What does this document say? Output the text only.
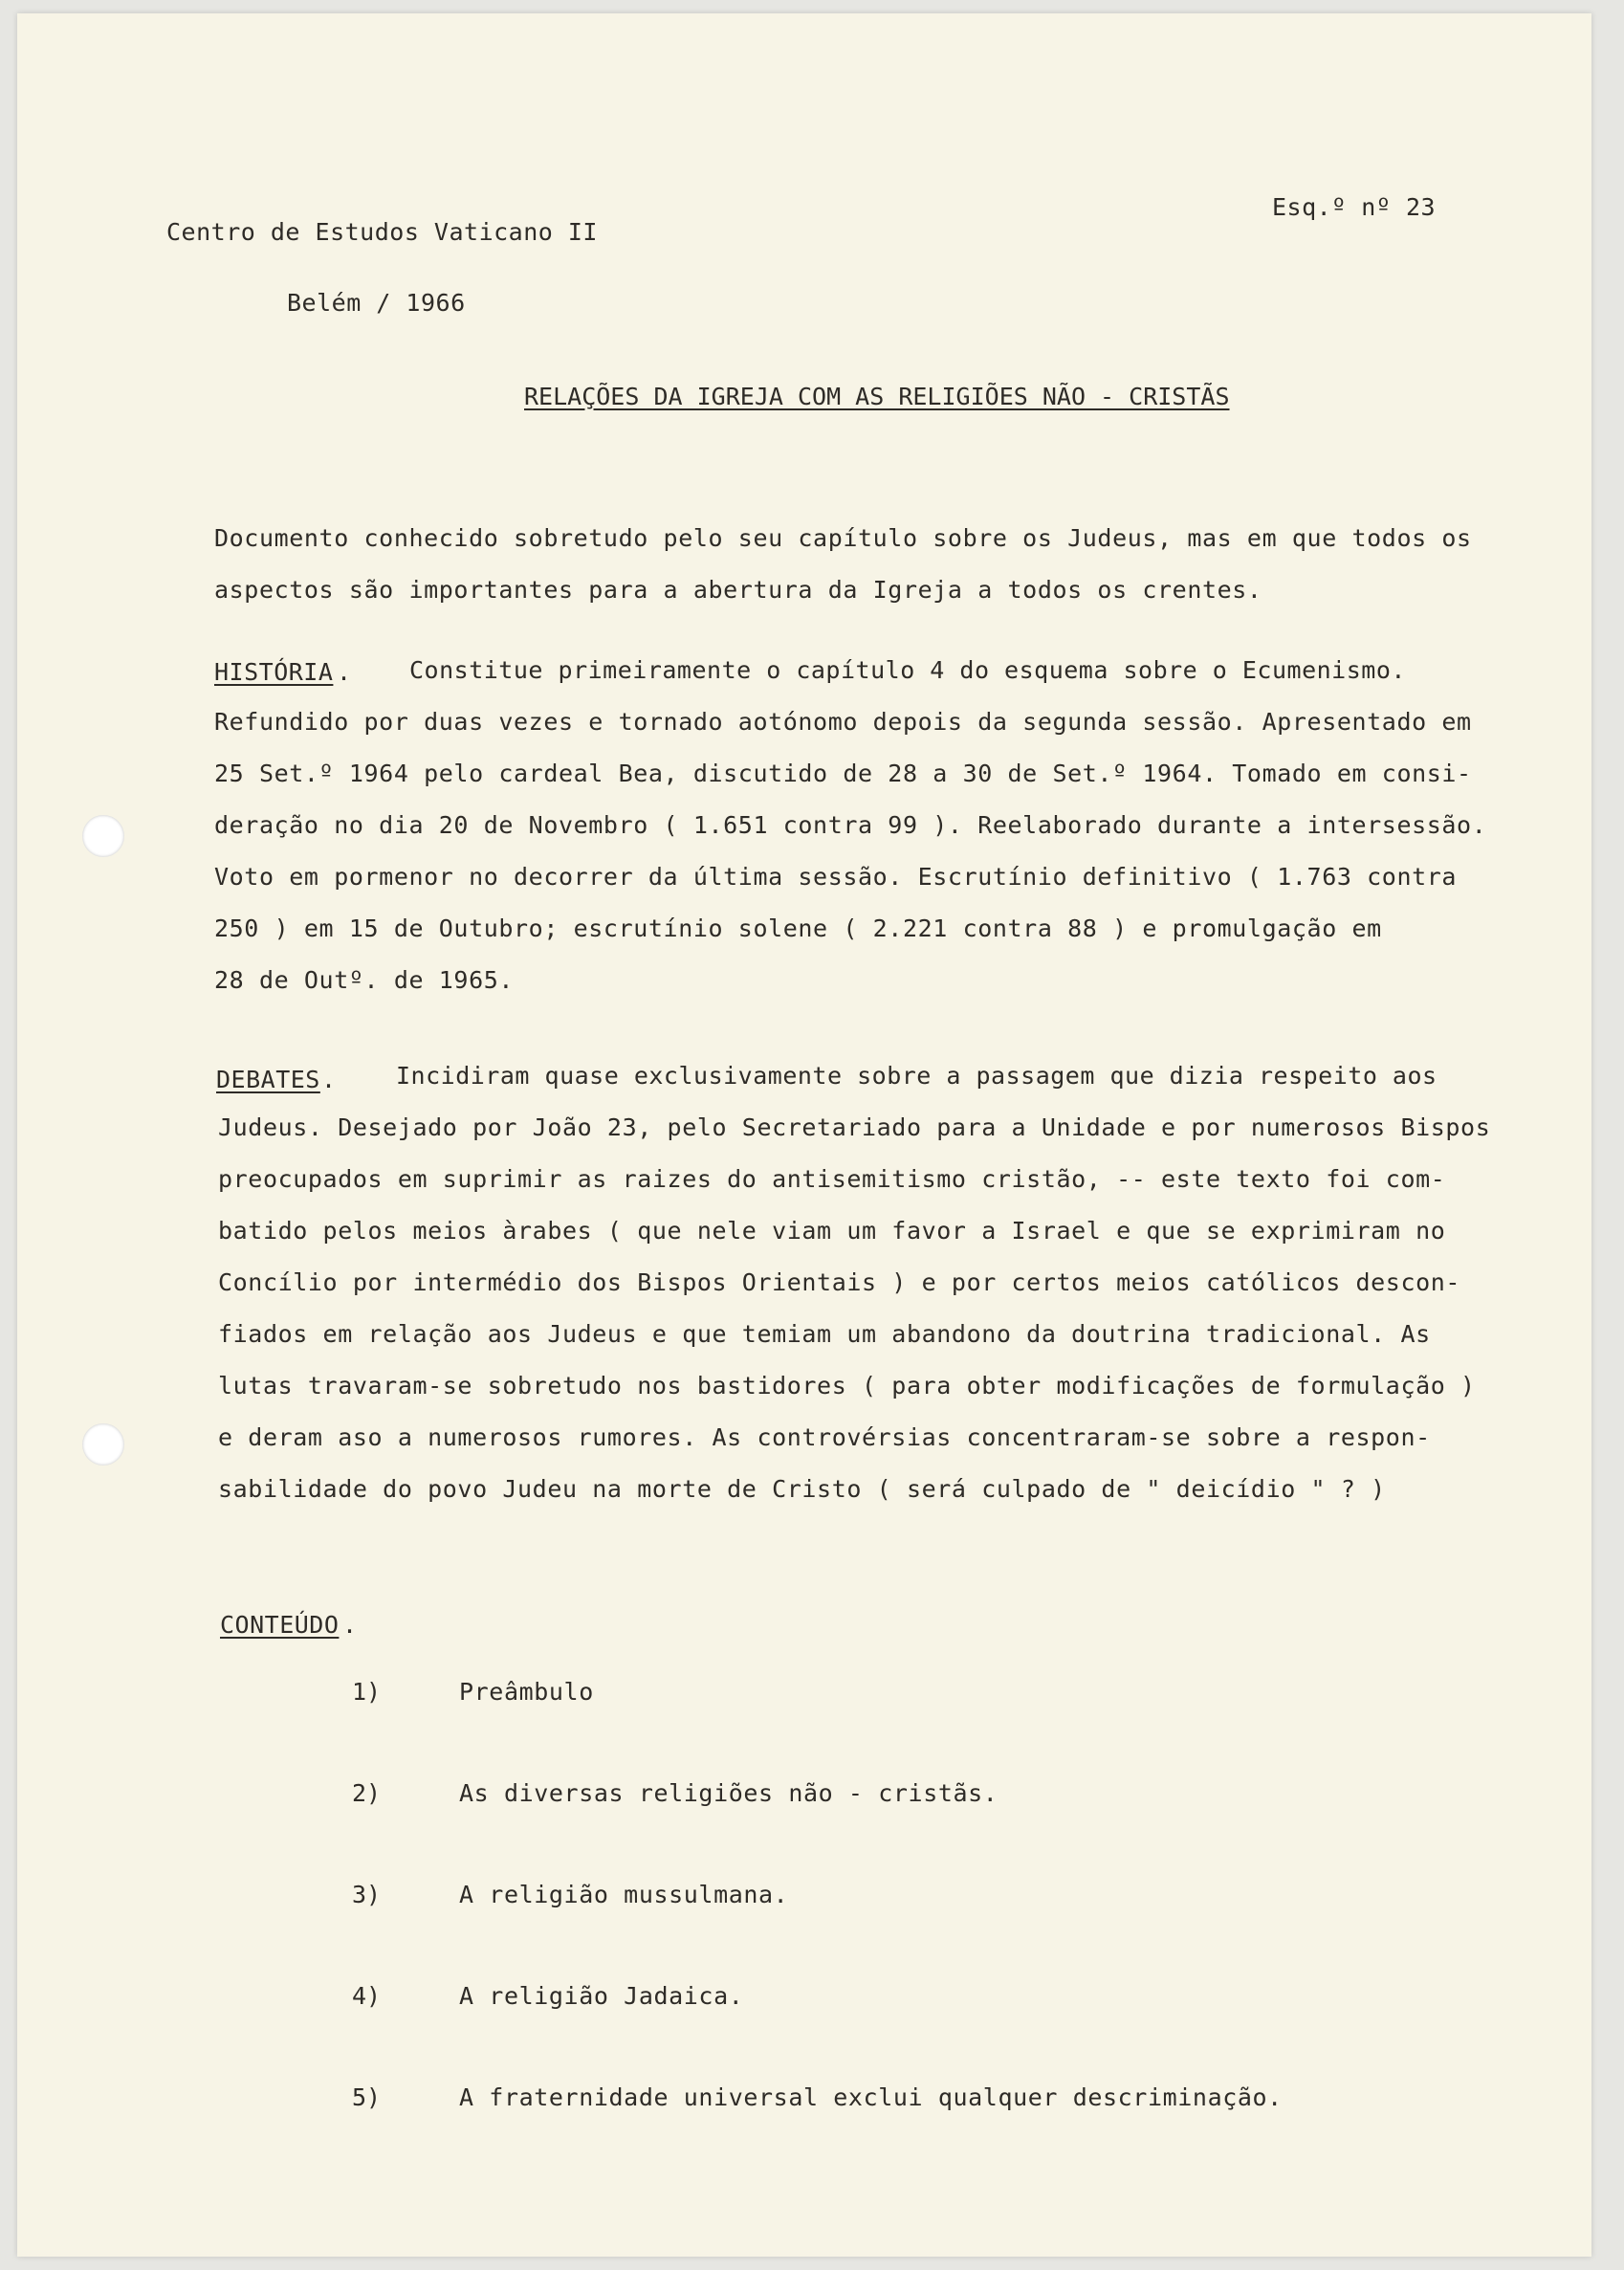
Centro de Estudos Vaticano II
Esq.º nº 23
Belém / 1966
RELAÇÕES DA IGREJA COM AS RELIGIÕES NÃO - CRISTÃS
Documento conhecido sobretudo pelo seu capítulo sobre os Judeus, mas em que todos os
aspectos são importantes para a abertura da Igreja a todos os crentes.
HISTÓRIA . Constitue primeiramente o capítulo 4 do esquema sobre o Ecumenismo.
Refundido por duas vezes e tornado aotónomo depois da segunda sessão. Apresentado em
25 Set.º 1964 pelo cardeal Bea, discutido de 28 a 30 de Set.º 1964. Tomado em consi-
deração no dia 20 de Novembro ( 1.651 contra 99 ). Reelaborado durante a intersessão.
Voto em pormenor no decorrer da última sessão. Escrutínio definitivo ( 1.763 contra
250 ) em 15 de Outubro; escrutínio solene ( 2.221 contra 88 ) e promulgação em
28 de Outº. de 1965.
DEBATES . Incidiram quase exclusivamente sobre a passagem que dizia respeito aos
Judeus. Desejado por João 23, pelo Secretariado para a Unidade e por numerosos Bispos
preocupados em suprimir as raizes do antisemitismo cristão, -- este texto foi com-
batido pelos meios àrabes ( que nele viam um favor a Israel e que se exprimiram no
Concílio por intermédio dos Bispos Orientais ) e por certos meios católicos descon-
fiados em relação aos Judeus e que temiam um abandono da doutrina tradicional. As
lutas travaram-se sobretudo nos bastidores ( para obter modificações de formulação )
e deram aso a numerosos rumores. As controvérsias concentraram-se sobre a respon-
sabilidade do povo Judeu na morte de Cristo ( será culpado de " deicídio " ? )
CONTEÚDO .
1)	Preâmbulo
2)	As diversas religiões não - cristãs.
3)	A religião mussulmana.
4)	A religião Jadaica.
5)	A fraternidade universal exclui qualquer descriminação.
